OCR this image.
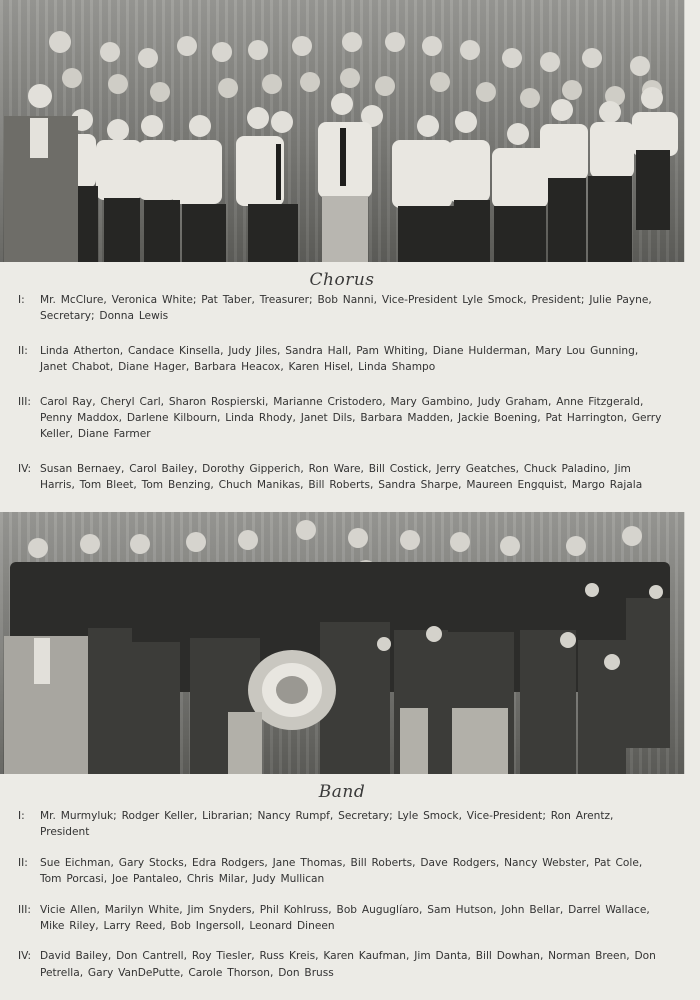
Chorus
I:	Mr. McClure, Veronica White; Pat Taber, Treasurer; Bob Nanni, Vice-President Lyle Smock, President; Julie Payne, Secretary; Donna Lewis
II:	Linda Atherton, Candace Kinsella, Judy Jiles, Sandra Hall, Pam Whiting, Diane Hulderman, Mary Lou Gunning, Janet Chabot, Diane Hager, Barbara Heacox, Karen Hisel, Linda Shampo
III: Carol Ray, Cheryl Carl, Sharon Rospierski, Marianne Cristodero, Mary Gambino, Judy Graham, Anne Fitzgerald, Penny Maddox, Darlene Kilbourn, Linda Rhody, Janet Dils, Barbara Madden, Jackie Boening, Pat Harrington, Gerry Keller, Diane Farmer
IV: Susan Bernaey, Carol Bailey, Dorothy Gipperich, Ron Ware, Bill Costick, Jerry Geatches, Chuck Paladino, Jim Harris, Tom Bleet, Tom Benzing, Chuch Manikas, Bill Roberts, Sandra Sharpe, Maureen Engquist, Margo Rajala
Band
I:	Mr. Murmyluk; Rodger Keller, Librarian; Nancy Rumpf, Secretary; Lyle Smock, Vice-President; Ron Arentz, President
II:	Sue Eichman, Gary Stocks, Edra Rodgers, Jane Thomas, Bill Roberts, Dave Rodgers, Nancy Webster, Pat Cole, Tom Porcasi, Joe Pantaleo, Chris Milar, Judy Mullican
III: Vicie Allen, Marilyn White, Jim Snyders, Phil Kohlruss, Bob Auguglíaro, Sam Hutson, John Bellar, Darrel Wallace, Mike Riley, Larry Reed, Bob Ingersoll, Leonard Dineen
IV: David Bailey, Don Cantrell, Roy Tiesler, Russ Kreis, Karen Kaufman, Jim Danta, Bill Dowhan, Norman Breen, Don Petrella, Gary VanDePutte, Carole Thorson, Don Bruss
